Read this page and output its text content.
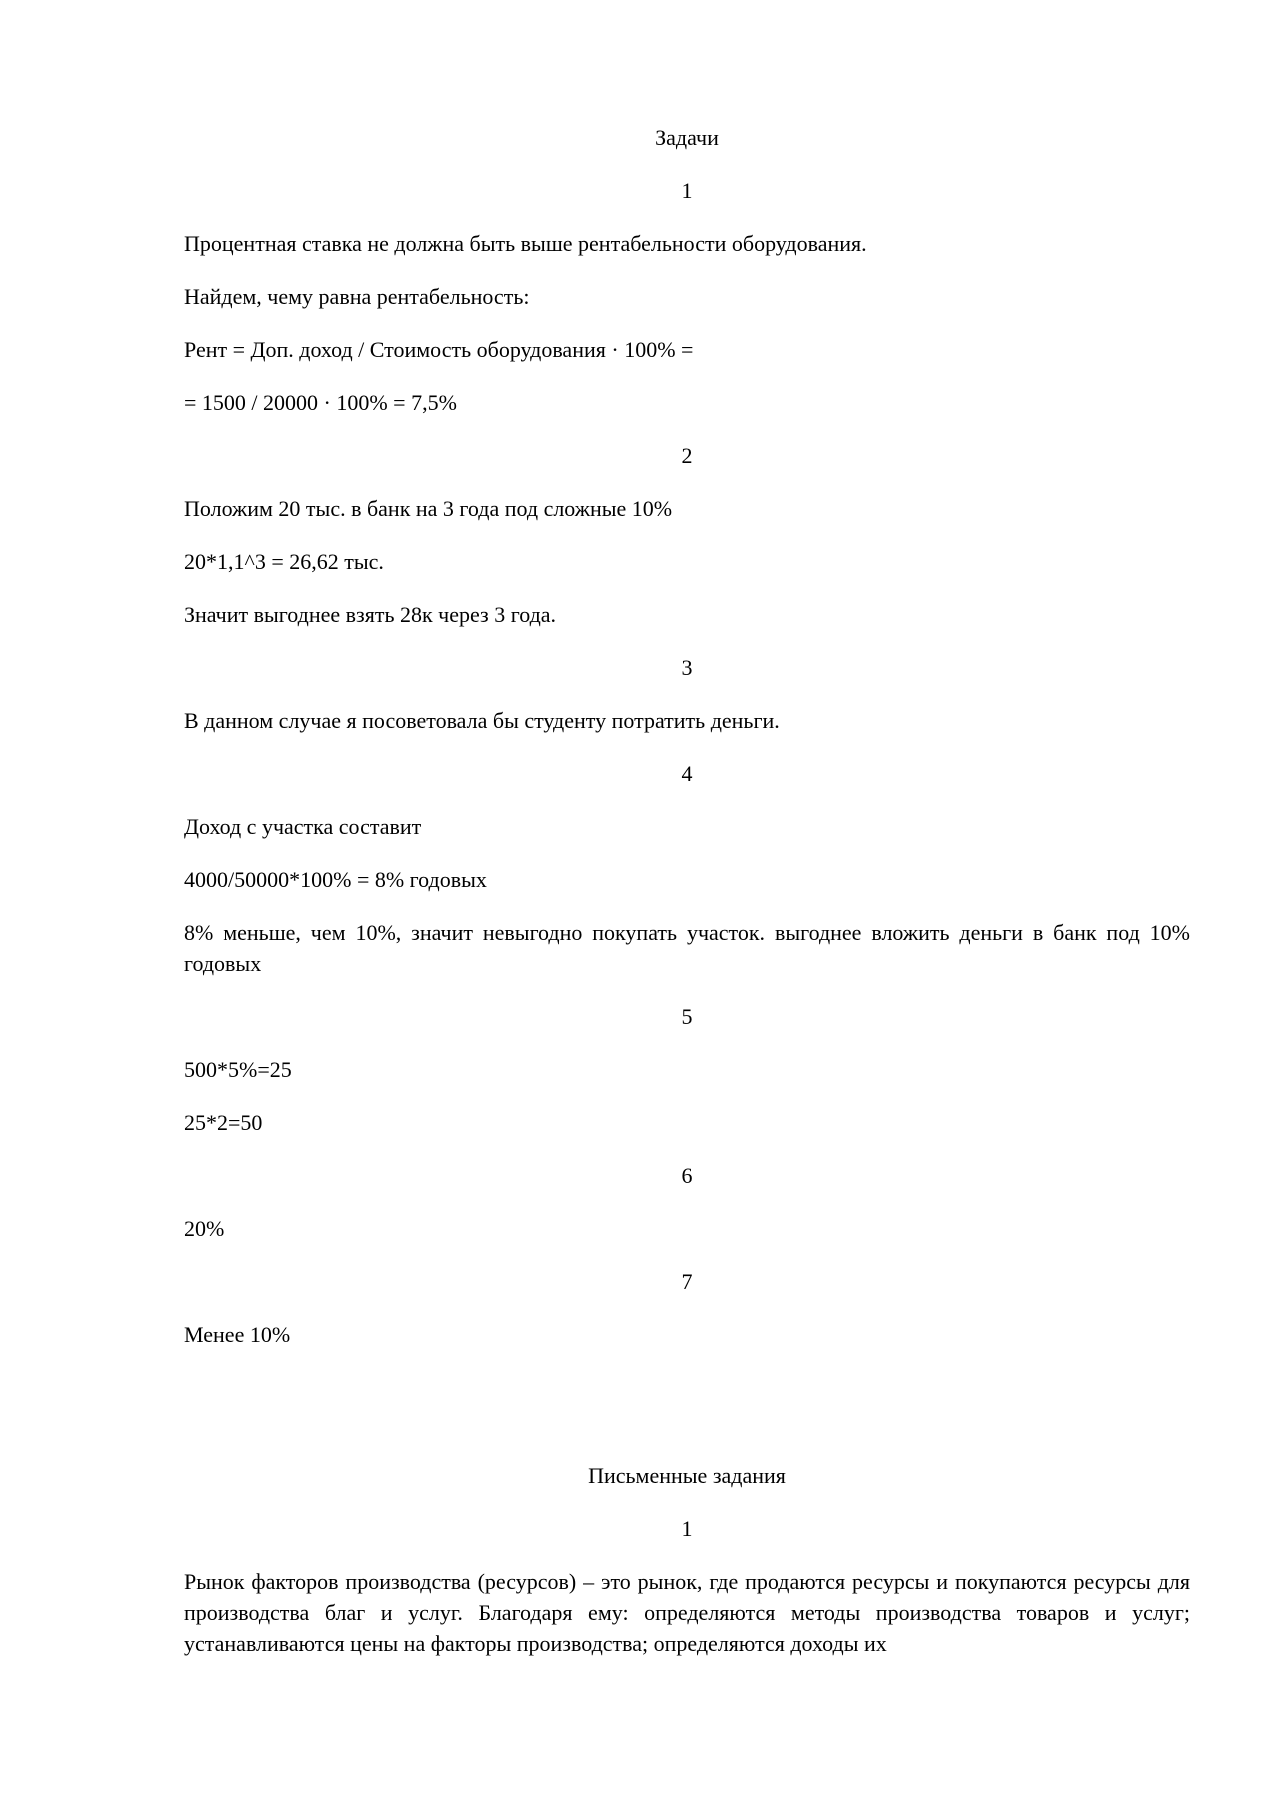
Задачи

1

Процентная ставка не должна быть выше рентабельности оборудования.

Найдем, чему равна рентабельность:

Рент = Доп. доход / Стоимость оборудования · 100% =

= 1500 / 20000 · 100% = 7,5%

2

Положим 20 тыс. в банк на 3 года под сложные 10%

20*1,1^3 = 26,62 тыс.

Значит выгоднее взять 28к через 3 года.

3

В данном случае я посоветовала бы студенту потратить деньги.

4

Доход с участка составит

4000/50000*100% = 8% годовых

8% меньше, чем 10%, значит невыгодно покупать участок. выгоднее вложить деньги в банк под 10% годовых

5

500*5%=25

25*2=50

6

20%

7

Менее 10%

Письменные задания

1

Рынок факторов производства (ресурсов) – это рынок, где продаются ресурсы и покупаются ресурсы для производства благ и услуг. Благодаря ему: определяются методы производства товаров и услуг; устанавливаются цены на факторы производства; определяются доходы их
